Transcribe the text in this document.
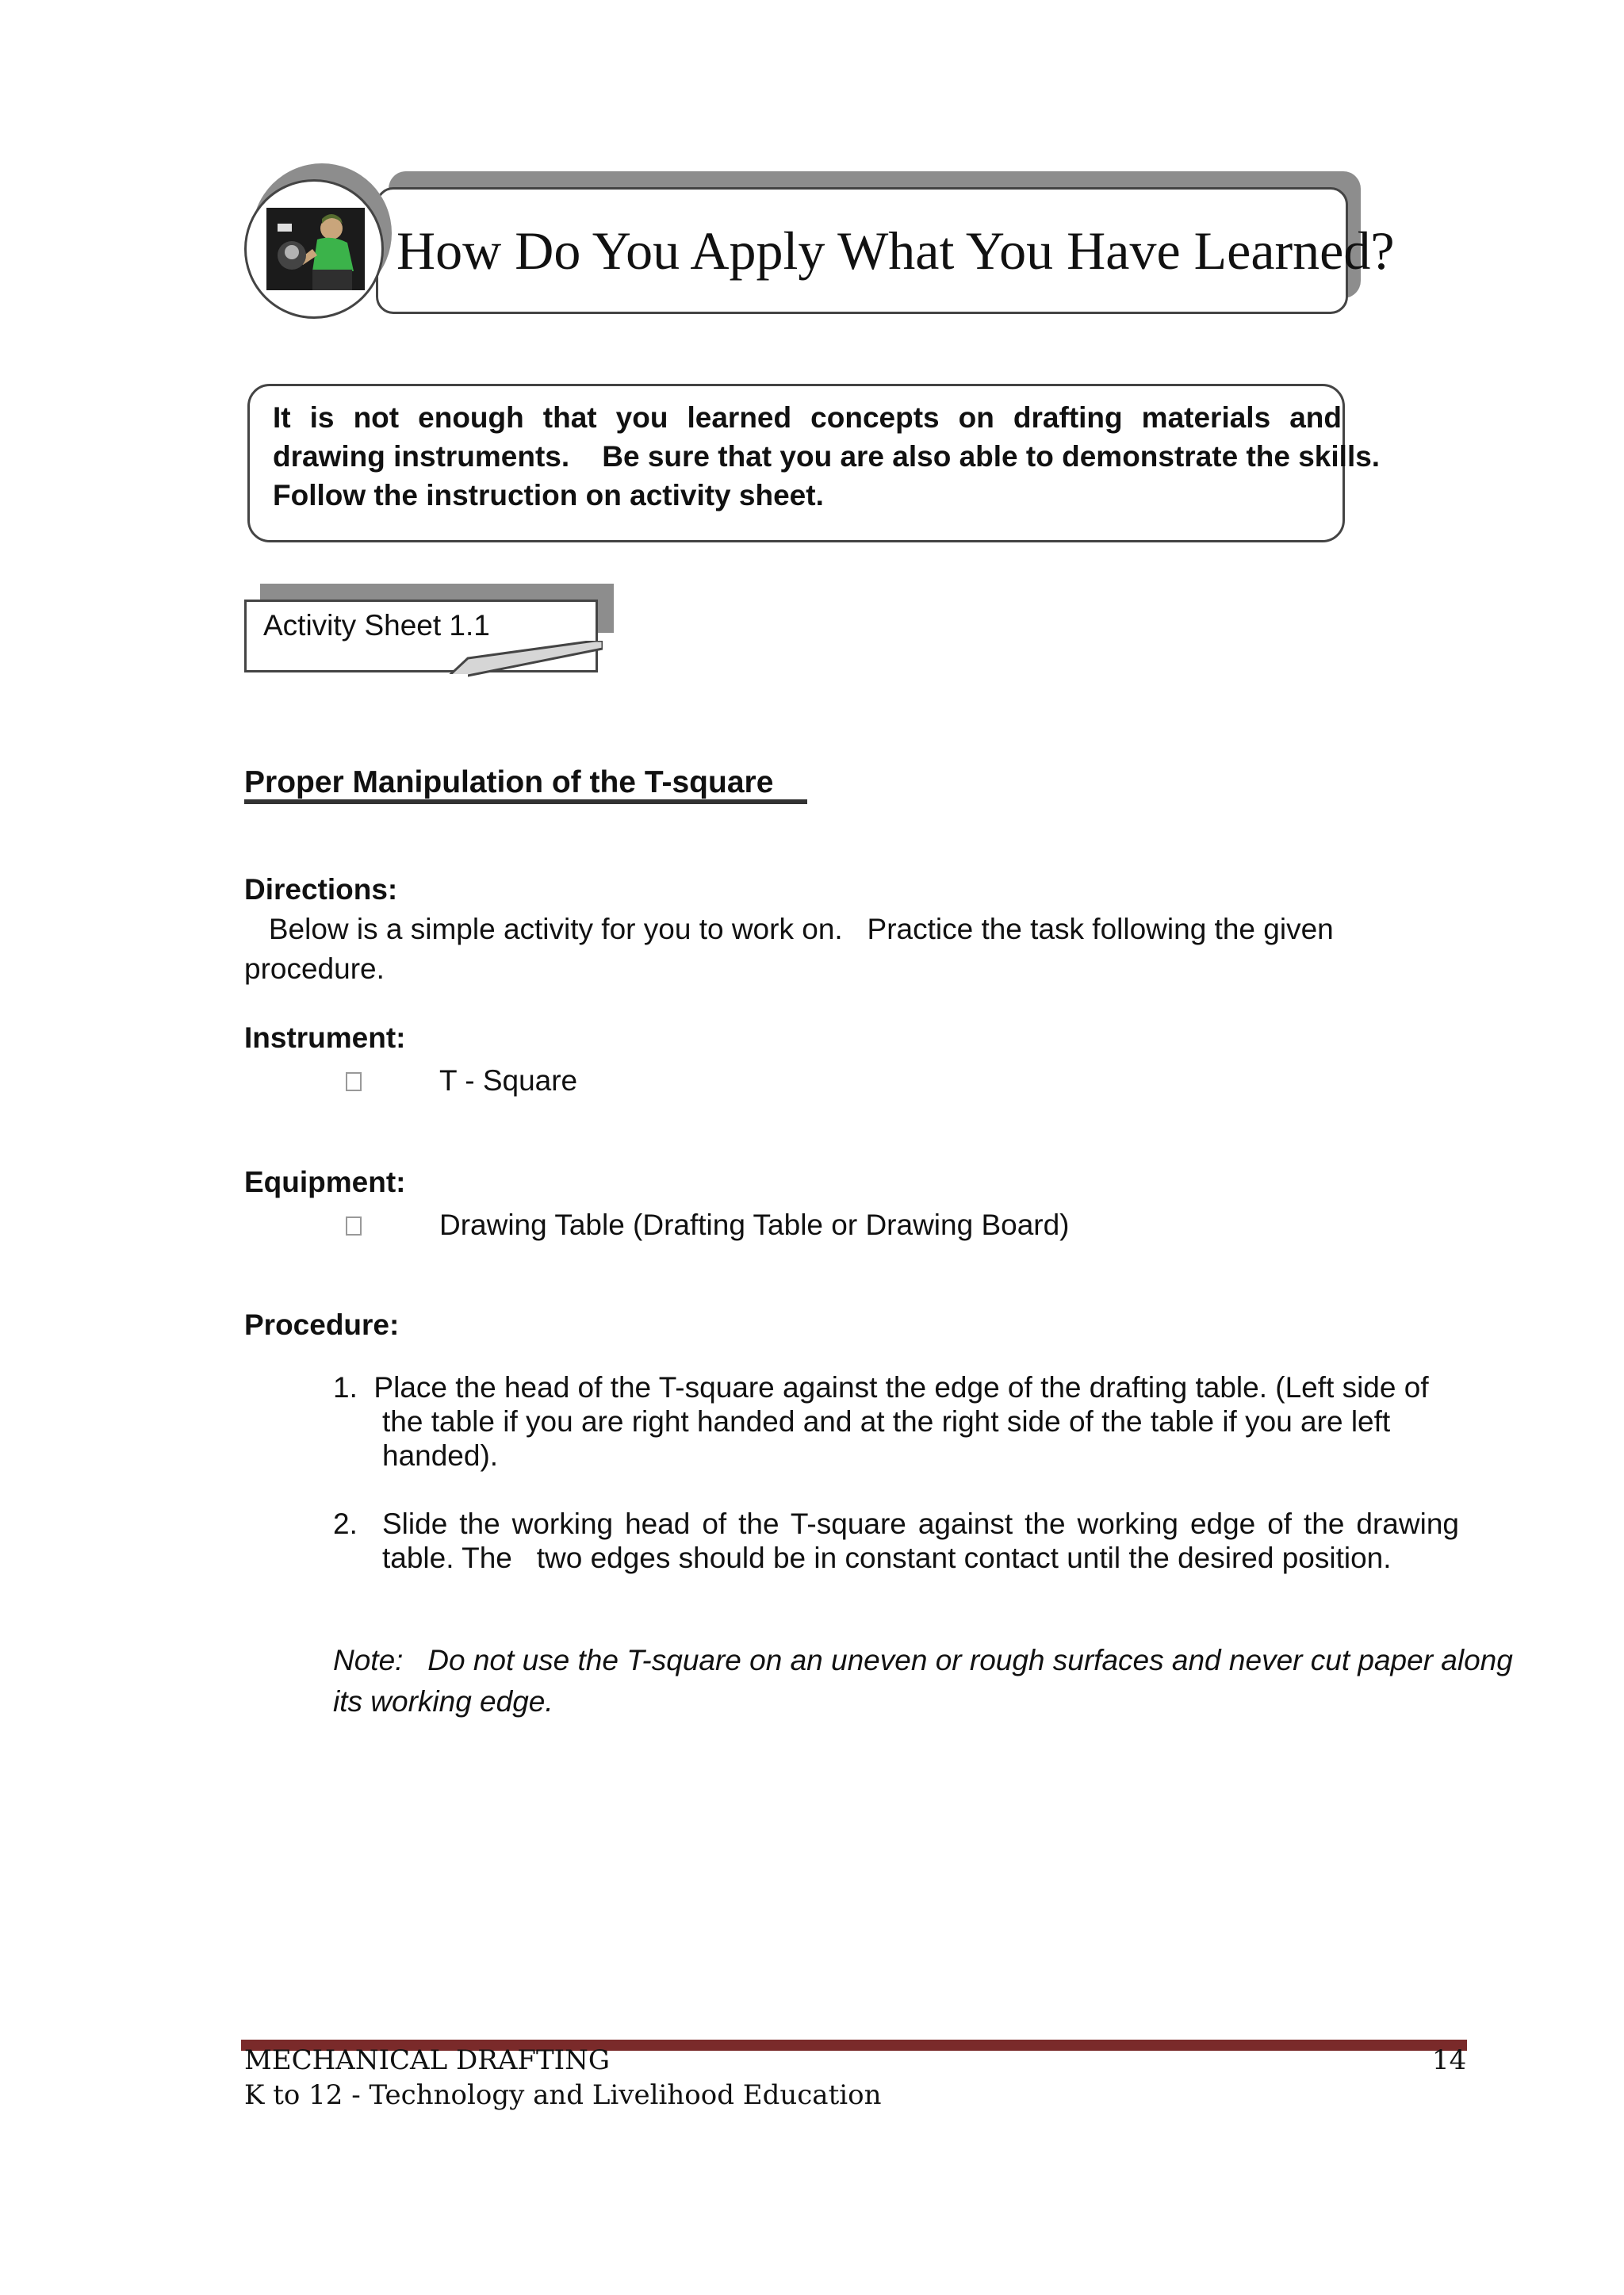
How Do You Apply What You Have Learned?
It is not enough that you learned concepts on drafting materials and
drawing instruments.    Be sure that you are also able to demonstrate the skills.
Follow the instruction on activity sheet.
Activity Sheet 1.1
Proper Manipulation of the T-square
Directions:   Below is a simple activity for you to work on.   Practice the task following the given
procedure.
Instrument:
T - Square
Equipment:
Drawing Table (Drafting Table or Drawing Board)
Procedure:
1. Place the head of the T-square against the edge of the drafting table. (Left side of
the table if you are right handed and at the right side of the table if you are left
handed).
2. Slide the working head of the T-square against the working edge of the drawing
table. The   two edges should be in constant contact until the desired position.
Note:   Do not use the T-square on an uneven or rough surfaces and never cut paper along
its working edge.
MECHANICAL DRAFTING	14
K to 12 - Technology and Livelihood Education
